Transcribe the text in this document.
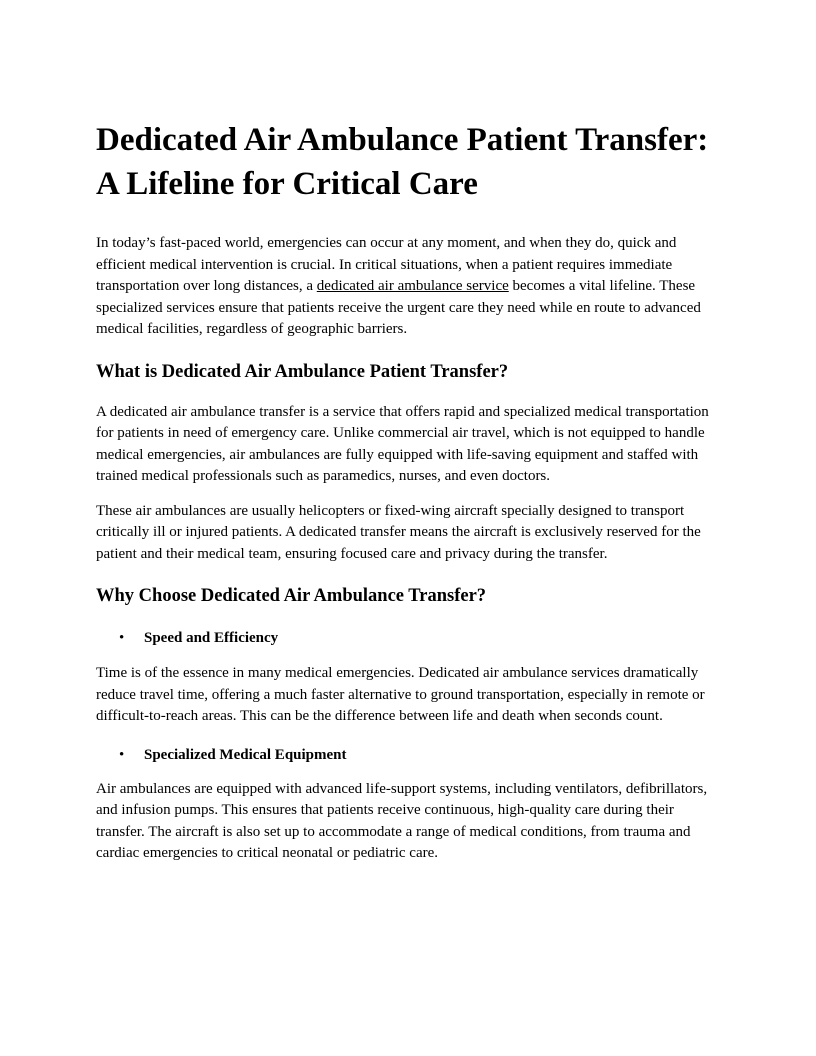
Dedicated Air Ambulance Patient Transfer:
A Lifeline for Critical Care

In today’s fast-paced world, emergencies can occur at any moment, and when they do, quick and efficient medical intervention is crucial. In critical situations, when a patient requires immediate transportation over long distances, a dedicated air ambulance service becomes a vital lifeline. These specialized services ensure that patients receive the urgent care they need while en route to advanced medical facilities, regardless of geographic barriers.

What is Dedicated Air Ambulance Patient Transfer?

A dedicated air ambulance transfer is a service that offers rapid and specialized medical transportation for patients in need of emergency care. Unlike commercial air travel, which is not equipped to handle medical emergencies, air ambulances are fully equipped with life-saving equipment and staffed with trained medical professionals such as paramedics, nurses, and even doctors.

These air ambulances are usually helicopters or fixed-wing aircraft specially designed to transport critically ill or injured patients. A dedicated transfer means the aircraft is exclusively reserved for the patient and their medical team, ensuring focused care and privacy during the transfer.

Why Choose Dedicated Air Ambulance Transfer?
• Speed and Efficiency

Time is of the essence in many medical emergencies. Dedicated air ambulance services dramatically reduce travel time, offering a much faster alternative to ground transportation, especially in remote or difficult-to-reach areas. This can be the difference between life and death when seconds count.

• Specialized Medical Equipment

Air ambulances are equipped with advanced life-support systems, including ventilators, defibrillators, and infusion pumps. This ensures that patients receive continuous, high-quality care during their transfer. The aircraft is also set up to accommodate a range of medical conditions, from trauma and cardiac emergencies to critical neonatal or pediatric care.
